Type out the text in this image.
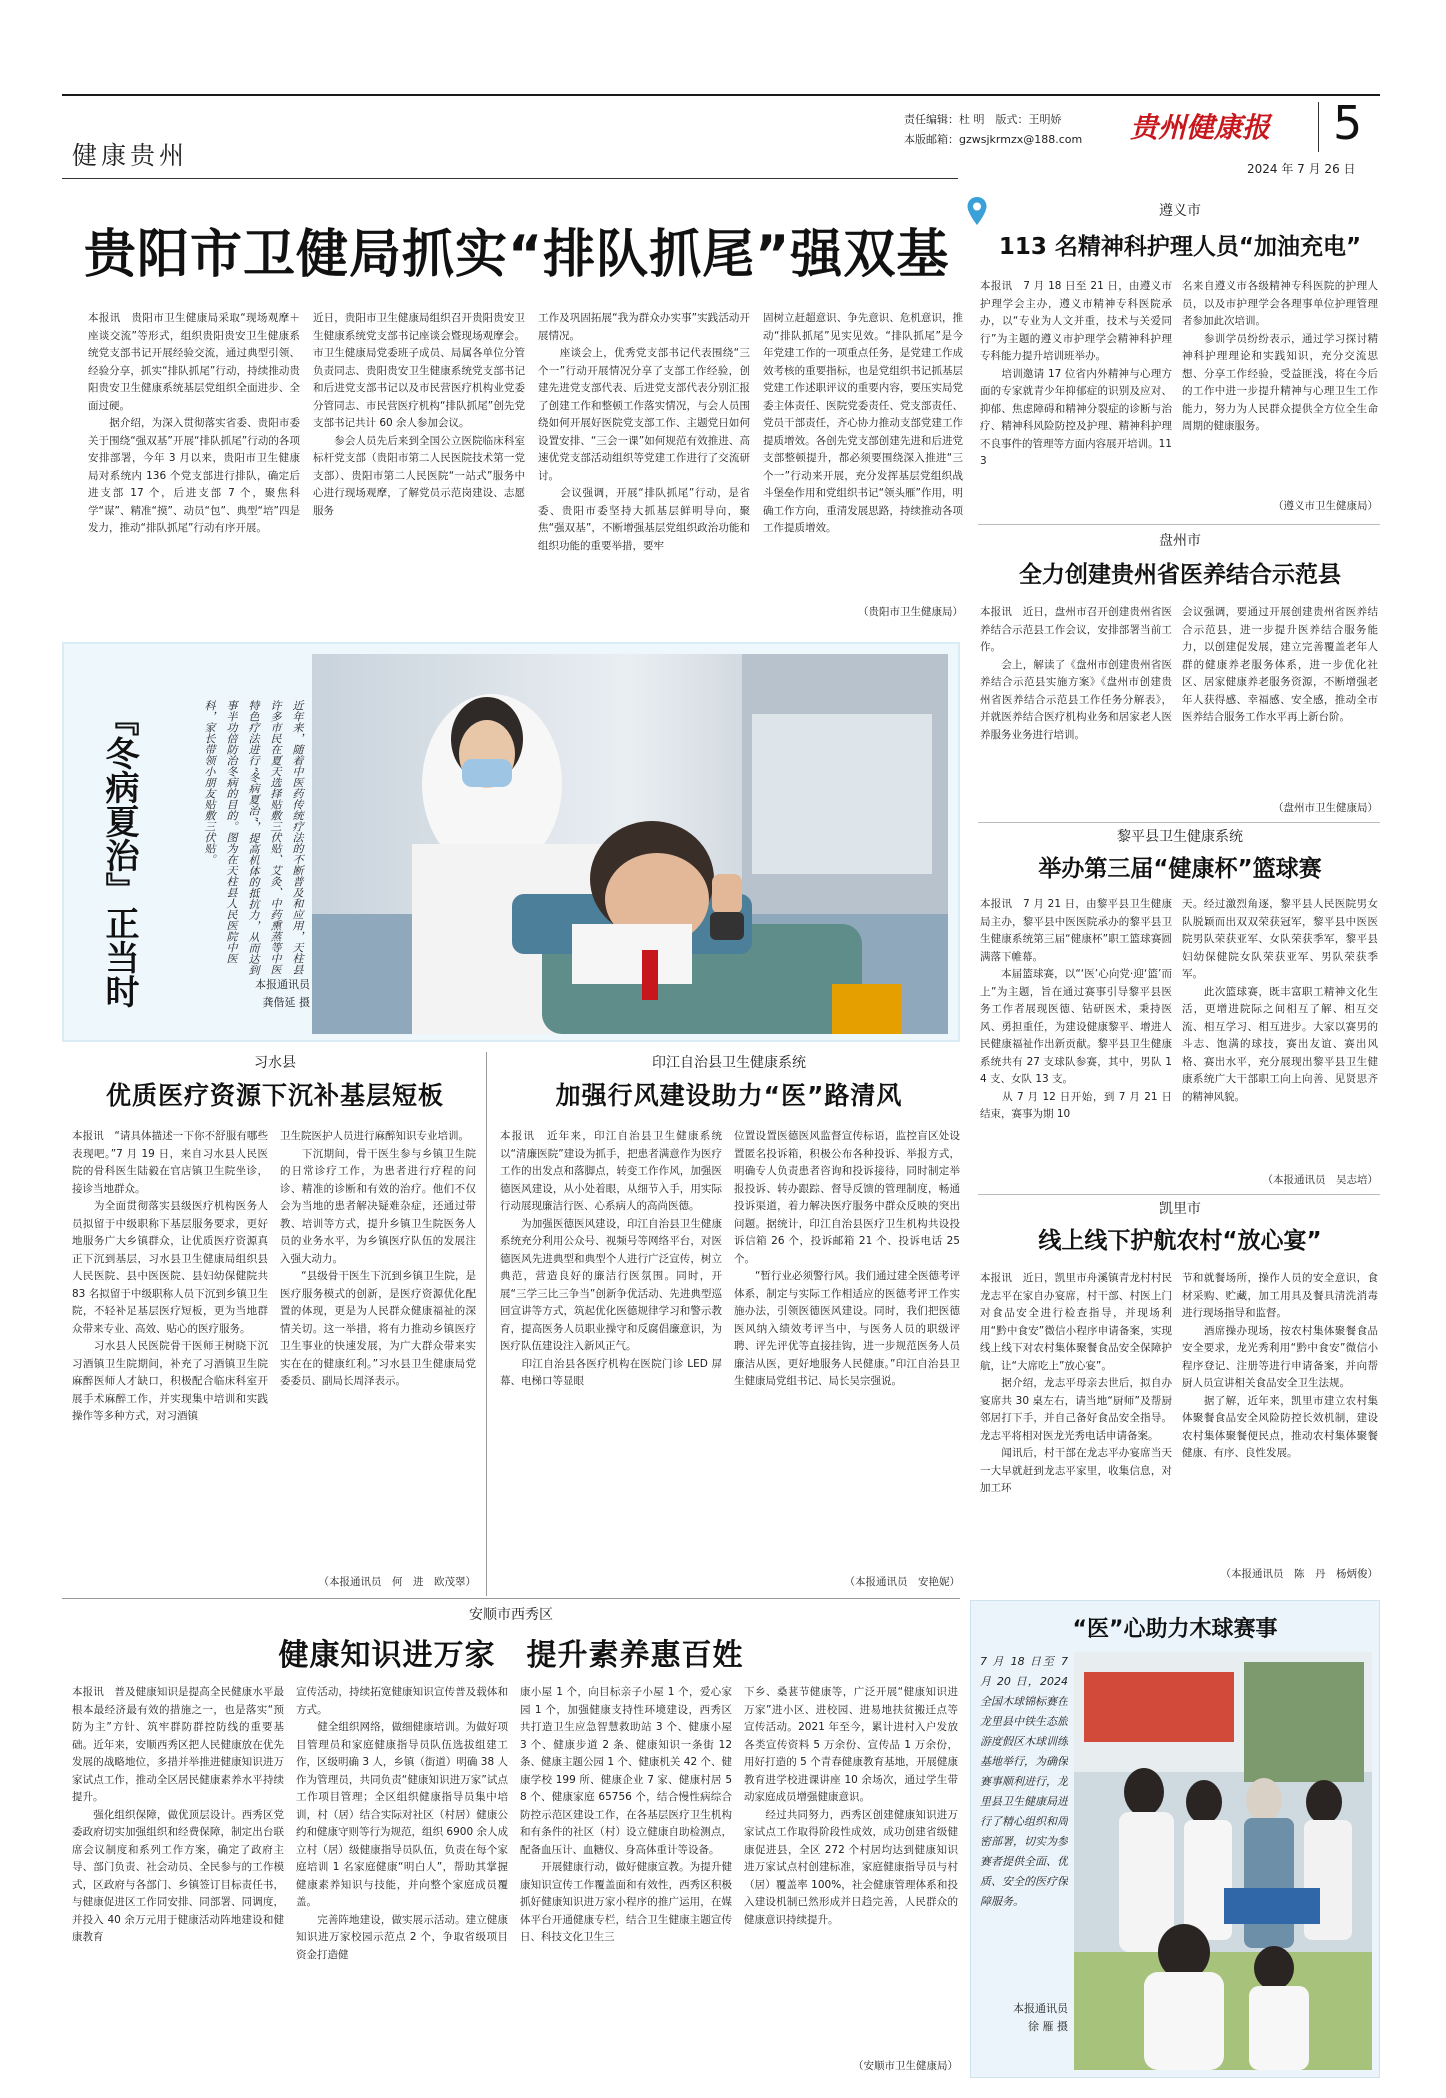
健康贵州
责任编辑：杜 明　版式：王明娇
本版邮箱：gzwsjkrmzx@188.com 贵州健康报 5
2024 年 7 月 26 日
贵阳市卫健局抓实“排队抓尾”强双基
本报讯　贵阳市卫生健康局采取“现场观摩＋座谈交流”等形式，组织贵阳贵安卫生健康系统党支部书记开展经验交流，通过典型引领、经验分享，抓实“排队抓尾”行动，持续推动贵阳贵安卫生健康系统基层党组织全面进步、全面过硬。
　　据介绍，为深入贯彻落实省委、贵阳市委关于围绕“强双基”开展“排队抓尾”行动的各项安排部署，今年 3 月以来，贵阳市卫生健康局对系统内 136 个党支部进行排队，确定后进支部 17 个，后进支部 7 个，聚焦科学“谋”、精准“摸”、动员“包”、典型“培”四是发力，推动“排队抓尾”行动有序开展。
近日，贵阳市卫生健康局组织召开贵阳贵安卫生健康系统党支部书记座谈会暨现场观摩会。市卫生健康局党委班子成员、局属各单位分管负责同志、贵阳贵安卫生健康系统党支部书记和后进党支部书记以及市民营医疗机构业党委分管同志、市民营医疗机构“排队抓尾”创先党支部书记共计 60 余人参加会议。
　　参会人员先后来到全国公立医院临床科室标杆党支部（贵阳市第二人民医院技术第一党支部）、贵阳市第二人民医院“一站式”服务中心进行现场观摩，了解党员示范岗建设、志愿服务
工作及巩固拓展“我为群众办实事”实践活动开展情况。
　　座谈会上，优秀党支部书记代表围绕“三个一”行动开展情况分享了支部工作经验，创建先进党支部代表、后进党支部代表分别汇报了创建工作和整顿工作落实情况，与会人员围绕如何开展好医院党支部工作、主题党日如何设置安排、“三会一课”如何规范有效推进、高速优党支部活动组织等党建工作进行了交流研讨。
　　会议强调，开展“排队抓尾”行动，是省委、贵阳市委坚持大抓基层鲜明导向，聚焦“强双基”，不断增强基层党组织政治功能和组织功能的重要举措，要牢
固树立赶超意识、争先意识、危机意识，推动“排队抓尾”见实见效。“排队抓尾”是今年党建工作的一项重点任务，是党建工作成效考核的重要指标，也是党组织书记抓基层党建工作述职评议的重要内容，要压实局党委主体责任、医院党委责任、党支部责任、党员干部责任，齐心协力推动支部党建工作提质增效。各创先党支部创建先进和后进党支部整顿提升，都必须要围绕深入推进“三个一”行动来开展，充分发挥基层党组织战斗堡垒作用和党组织书记“领头雁”作用，明确工作方向，重清发展思路，持续推动各项工作提质增效。
（贵阳市卫生健康局）
『冬病夏治』正当时	近年来，随着中医药传统疗法的不断普及和应用，天柱县许多市民在夏天选择贴敷三伏贴、艾灸、中药熏蒸等中医特色疗法进行“冬病夏治”，提高机体的抵抗力，从而达到事半功倍防治冬病的目的。图为在天柱县人民医院中医科，家长带领小朋友贴敷三伏贴。
本报通讯员
龚偕延 摄
遵义市
113 名精神科护理人员“加油充电”
本报讯　7 月 18 日至 21 日，由遵义市护理学会主办，遵义市精神专科医院承办，以“专业为人文并重，技术与关爱同行”为主题的遵义市护理学会精神科护理专科能力提升培训班举办。
　　培训邀请 17 位省内外精神与心理方面的专家就青少年抑郁症的识别及应对、抑郁、焦虑障碍和精神分裂症的诊断与治疗、精神科风险防控及护理、精神科护理不良事件的管理等方面内容展开培训。113
名来自遵义市各级精神专科医院的护理人员，以及市护理学会各理事单位护理管理者参加此次培训。
　　参训学员纷纷表示，通过学习探讨精神科护理理论和实践知识，充分交流思想、分享工作经验，受益匪浅，将在今后的工作中进一步提升精神与心理卫生工作能力，努力为人民群众提供全方位全生命周期的健康服务。
（遵义市卫生健康局）
盘州市
全力创建贵州省医养结合示范县
本报讯　近日，盘州市召开创建贵州省医养结合示范县工作会议，安排部署当前工作。
　　会上，解读了《盘州市创建贵州省医养结合示范县实施方案》《盘州市创建贵州省医养结合示范县工作任务分解表》，并就医养结合医疗机构业务和居家老人医养服务业务进行培训。
会议强调，要通过开展创建贵州省医养结合示范县，进一步提升医养结合服务能力，以创建促发展，建立完善覆盖老年人群的健康养老服务体系，进一步优化社区、居家健康养老服务资源，不断增强老年人获得感、幸福感、安全感，推动全市医养结合服务工作水平再上新台阶。
（盘州市卫生健康局）
黎平县卫生健康系统
举办第三届“健康杯”篮球赛
本报讯　7 月 21 日，由黎平县卫生健康局主办，黎平县中医医院承办的黎平县卫生健康系统第三届“健康杯”职工篮球赛圆满落下帷幕。
　　本届篮球赛，以“‘医’心向党·迎‘篮’而上”为主题，旨在通过赛事引导黎平县医务工作者展现医德、钻研医术，秉持医风、勇担重任，为建设健康黎平、增进人民健康福祉作出新贡献。黎平县卫生健康系统共有 27 支球队参赛，其中，男队 14 支、女队 13 支。
　　从 7 月 12 日开始，到 7 月 21 日结束，赛事为期 10
天。经过激烈角逐，黎平县人民医院男女队脱颖而出双双荣获冠军，黎平县中医医院男队荣获亚军、女队荣获季军，黎平县妇幼保健院女队荣获亚军、男队荣获季军。
　　此次篮球赛，既丰富职工精神文化生活，更增进院际之间相互了解、相互交流、相互学习、相互进步。大家以赛男的斗志、饱满的球技，赛出友谊、赛出风格、赛出水平，充分展现出黎平县卫生健康系统广大干部职工向上向善、见贤思齐的精神风貌。
（本报通讯员　吴志培）
凯里市
线上线下护航农村“放心宴”
本报讯　近日，凯里市舟溪镇青龙村村民龙志平在家自办宴席，村干部、村医上门对食品安全进行检查指导，并现场利用“黔中食安”微信小程序申请备案，实现线上线下对农村集体聚餐食品安全保障护航，让“大席吃上”放心宴”。
　　据介绍，龙志平母亲去世后，拟自办宴席共 30 桌左右，请当地“厨师”及帮厨邻居打下手，并自己备好食品安全指导。龙志平将相对医龙光秀电话申请备案。
　　闻讯后，村干部在龙志平办宴席当天一大早就赶到龙志平家里，收集信息，对加工环
节和就餐场所，操作人员的安全意识，食材采购、贮藏，加工用具及餐具清洗消毒进行现场指导和监督。
　　酒席操办现场，按农村集体聚餐食品安全要求，龙光秀利用“黔中食安”微信小程序登记、注册等进行申请备案，并向帮厨人员宣讲相关食品安全卫生法规。
　　据了解，近年来，凯里市建立农村集体聚餐食品安全风险防控长效机制，建设农村集体聚餐便民点，推动农村集体聚餐健康、有序、良性发展。
（本报通讯员　陈　丹　杨炳俊）
习水县
优质医疗资源下沉补基层短板
本报讯　“请具体描述一下你不舒服有哪些表现吧。”7 月 19 日，来自习水县人民医院的骨科医生陆毅在官店镇卫生院坐诊，接诊当地群众。
　　为全面贯彻落实县级医疗机构医务人员拟留于中级职称下基层服务要求，更好地服务广大乡镇群众，让优质医疗资源真正下沉到基层，习水县卫生健康局组织县人民医院、县中医医院、县妇幼保健院共 83 名拟留于中级职称人员下沉到乡镇卫生院，不轻补足基层医疗短板，更为当地群众带来专业、高效、贴心的医疗服务。
　　习水县人民医院骨干医师王树晓下沉习酒镇卫生院期间，补充了习酒镇卫生院麻醉医师人才缺口，积极配合临床科室开展手术麻醉工作，并实现集中培训和实践操作等多种方式，对习酒镇
卫生院医护人员进行麻醉知识专业培训。
　　下沉期间，骨干医生参与乡镇卫生院的日常诊疗工作，为患者进行疗程的问诊、精准的诊断和有效的治疗。他们不仅会为当地的患者解决疑难杂症，还通过带教、培训等方式，提升乡镇卫生院医务人员的业务水平，为乡镇医疗队伍的发展注入强大动力。
　　“县级骨干医生下沉到乡镇卫生院，是医疗服务模式的创新，是医疗资源优化配置的体现，更是为人民群众健康福祉的深情关切。这一举措，将有力推动乡镇医疗卫生事业的快速发展，为广大群众带来实实在在的健康红利。”习水县卫生健康局党委委员、副局长周泽表示。
（本报通讯员　何　进　欧茂翠）
印江自治县卫生健康系统
加强行风建设助力“医”路清风
本报讯　近年来，印江自治县卫生健康系统以“清廉医院”建设为抓手，把患者满意作为医疗工作的出发点和落脚点，转变工作作风，加强医德医风建设，从小处着眼，从细节入手，用实际行动展现廉洁行医、心系病人的高尚医德。
　　为加强医德医风建设，印江自治县卫生健康系统充分利用公众号、视频号等网络平台，对医德医风先进典型和典型个人进行广泛宣传，树立典范，营造良好的廉洁行医氛围。同时，开展“三学三比三争当”创新争优活动、先进典型巡回宣讲等方式，筑起优化医德规律学习和警示教育，提高医务人员职业操守和反腐倡廉意识，为医疗队伍建设注入新风正气。
　　印江自治县各医疗机构在医院门诊 LED 屏幕、电梯口等显眼
位置设置医德医风监督宣传标语，监控盲区处设置匿名投诉箱，积极公布各种投诉、举报方式，明确专人负责患者咨询和投诉接待，同时制定举报投诉、转办跟踪、督导反馈的管理制度，畅通投诉渠道，着力解决医疗服务中群众反映的突出问题。据统计，印江自治县医疗卫生机构共设投诉信箱 26 个，投诉邮箱 21 个、投诉电话 25 个。
　　“暂行业必须警行风。我们通过建全医德考评体系，制定与实际工作相适应的医德考评工作实施办法，引领医德医风建设。同时，我们把医德医风纳入绩效考评当中，与医务人员的职级评聘、评先评优等直接挂钩，进一步规范医务人员廉洁从医，更好地服务人民健康。”印江自治县卫生健康局党组书记、局长吴宗强说。
（本报通讯员　安艳妮）
安顺市西秀区
健康知识进万家　提升素养惠百姓
本报讯　普及健康知识是提高全民健康水平最根本最经济最有效的措施之一，也是落实“预防为主”方针、筑牢群防群控防线的重要基础。近年来，安顺西秀区把人民健康放在优先发展的战略地位，多措并举推进健康知识进万家试点工作，推动全区居民健康素养水平持续提升。
　　强化组织保障，做优顶层设计。西秀区党委政府切实加强组织和经费保障，制定出台联席会议制度和系列工作方案，确定了政府主导、部门负责、社会动员、全民参与的工作模式，区政府与各部门、乡镇签订目标责任书，与健康促进区工作同安排、同部署、同调度，并投入 40 余万元用于健康活动阵地建设和健康教育
宣传活动，持续拓宽健康知识宣传普及载体和方式。
　　健全组织网络，做细健康培训。为做好项目管理员和家庭健康指导员队伍选拔组建工作，区级明确 3 人，乡镇（街道）明确 38 人作为管理员，共同负责“健康知识进万家”试点工作项目管理；全区组织健康指导员集中培训，村（居）结合实际对社区（村居）健康公约和健康守则等行为规范，组织 6900 余人成立村（居）级健康指导员队伍，负责在每个家庭培训 1 名家庭健康“明白人”，帮助其掌握健康素养知识与技能，并向整个家庭成员覆盖。
　　完善阵地建设，做实展示活动。建立健康知识进万家校园示范点 2 个，争取省级项目资金打造健
康小屋 1 个，向目标亲子小屋 1 个，爱心家园 1 个，加强健康支持性环境建设，西秀区共打造卫生应急智慧救助站 3 个、健康小屋 3 个、健康步道 2 条、健康知识一条街 12 条、健康主题公园 1 个、健康机关 42 个、健康学校 199 所、健康企业 7 家、健康村居 58 个、健康家庭 65756 个，结合慢性病综合防控示范区建设工作，在各基层医疗卫生机构和有条件的社区（村）设立健康自助检测点，配备血压计、血糖仪、身高体重计等设备。
　　开展健康行动，做好健康宣教。为提升健康知识宣传工作覆盖面和有效性，西秀区积极抓好健康知识进万家小程序的推广运用，在媒体平台开通健康专栏，结合卫生健康主题宣传日、科技文化卫生三
下乡、桑葚节健康等，广泛开展“健康知识进万家”进小区、进校园、进易地扶贫搬迁点等宣传活动。2021 年至今，累计进村入户发放各类宣传资料 5 万余份、宣传品 1 万余份，用好打造的 5 个青春健康教育基地，开展健康教育进学校进课讲座 10 余场次，通过学生带动家庭成员增强健康意识。
　　经过共同努力，西秀区创建健康知识进万家试点工作取得阶段性成效，成功创建省级健康促进县，全区 272 个村居均达到健康知识进万家试点村创建标准，家庭健康指导员与村（居）覆盖率 100%，社会健康管理体系和投入建设机制已然形成并日趋完善，人民群众的健康意识持续提升。
（安顺市卫生健康局）
“医”心助力木球赛事
7 月 18 日至 7 月 20 日，2024 全国木球锦标赛在龙里县中铁生态旅游度假区木球训练基地举行，为确保赛事顺利进行，龙里县卫生健康局进行了精心组织和周密部署，切实为参赛者提供全面、优质、安全的医疗保障服务。
本报通讯员
徐 雁 摄
